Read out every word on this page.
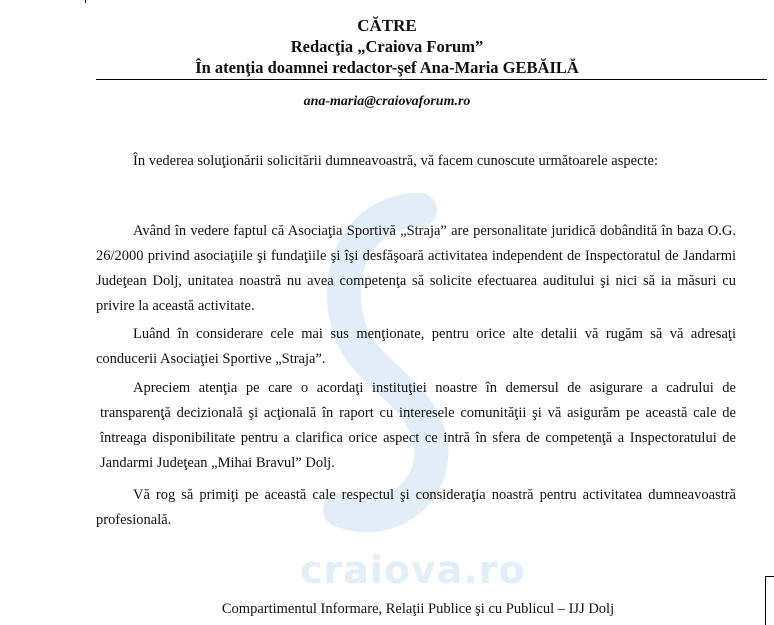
craiova.ro
CĂTRE
Redacţia „Craiova Forum”
În atenţia doamnei redactor-şef Ana-Maria GEBĂILĂ
ana-maria@craiovaforum.ro
În vederea soluţionării solicitării dumneavoastră, vă facem cunoscute următoarele aspecte:
Având în vedere faptul că Asociaţia Sportivă „Straja” are personalitate juridică dobândită în baza O.G. 26/2000 privind asociaţiile şi fundaţiile şi îşi desfăşoară activitatea independent de Inspectoratul de Jandarmi Judeţean Dolj, unitatea noastră nu avea competenţa să solicite efectuarea auditului şi nici să ia măsuri cu privire la această activitate.
Luând în considerare cele mai sus menţionate, pentru orice alte detalii vă rugăm să vă adresaţi conducerii Asociaţiei Sportive „Straja”.
Apreciem atenţia pe care o acordaţi instituţiei noastre în demersul de asigurare a cadrului de transparenţă decizională şi acţională în raport cu interesele comunităţii şi vă asigurăm pe această cale de întreaga disponibilitate pentru a clarifica orice aspect ce intră în sfera de competenţă a Inspectoratului de Jandarmi Judeţean „Mihai Bravul” Dolj.
Vă rog să primiţi pe această cale respectul şi consideraţia noastră pentru activitatea dumneavoastră profesională.
Compartimentul Informare, Relaţii Publice şi cu Publicul – IJJ Dolj
